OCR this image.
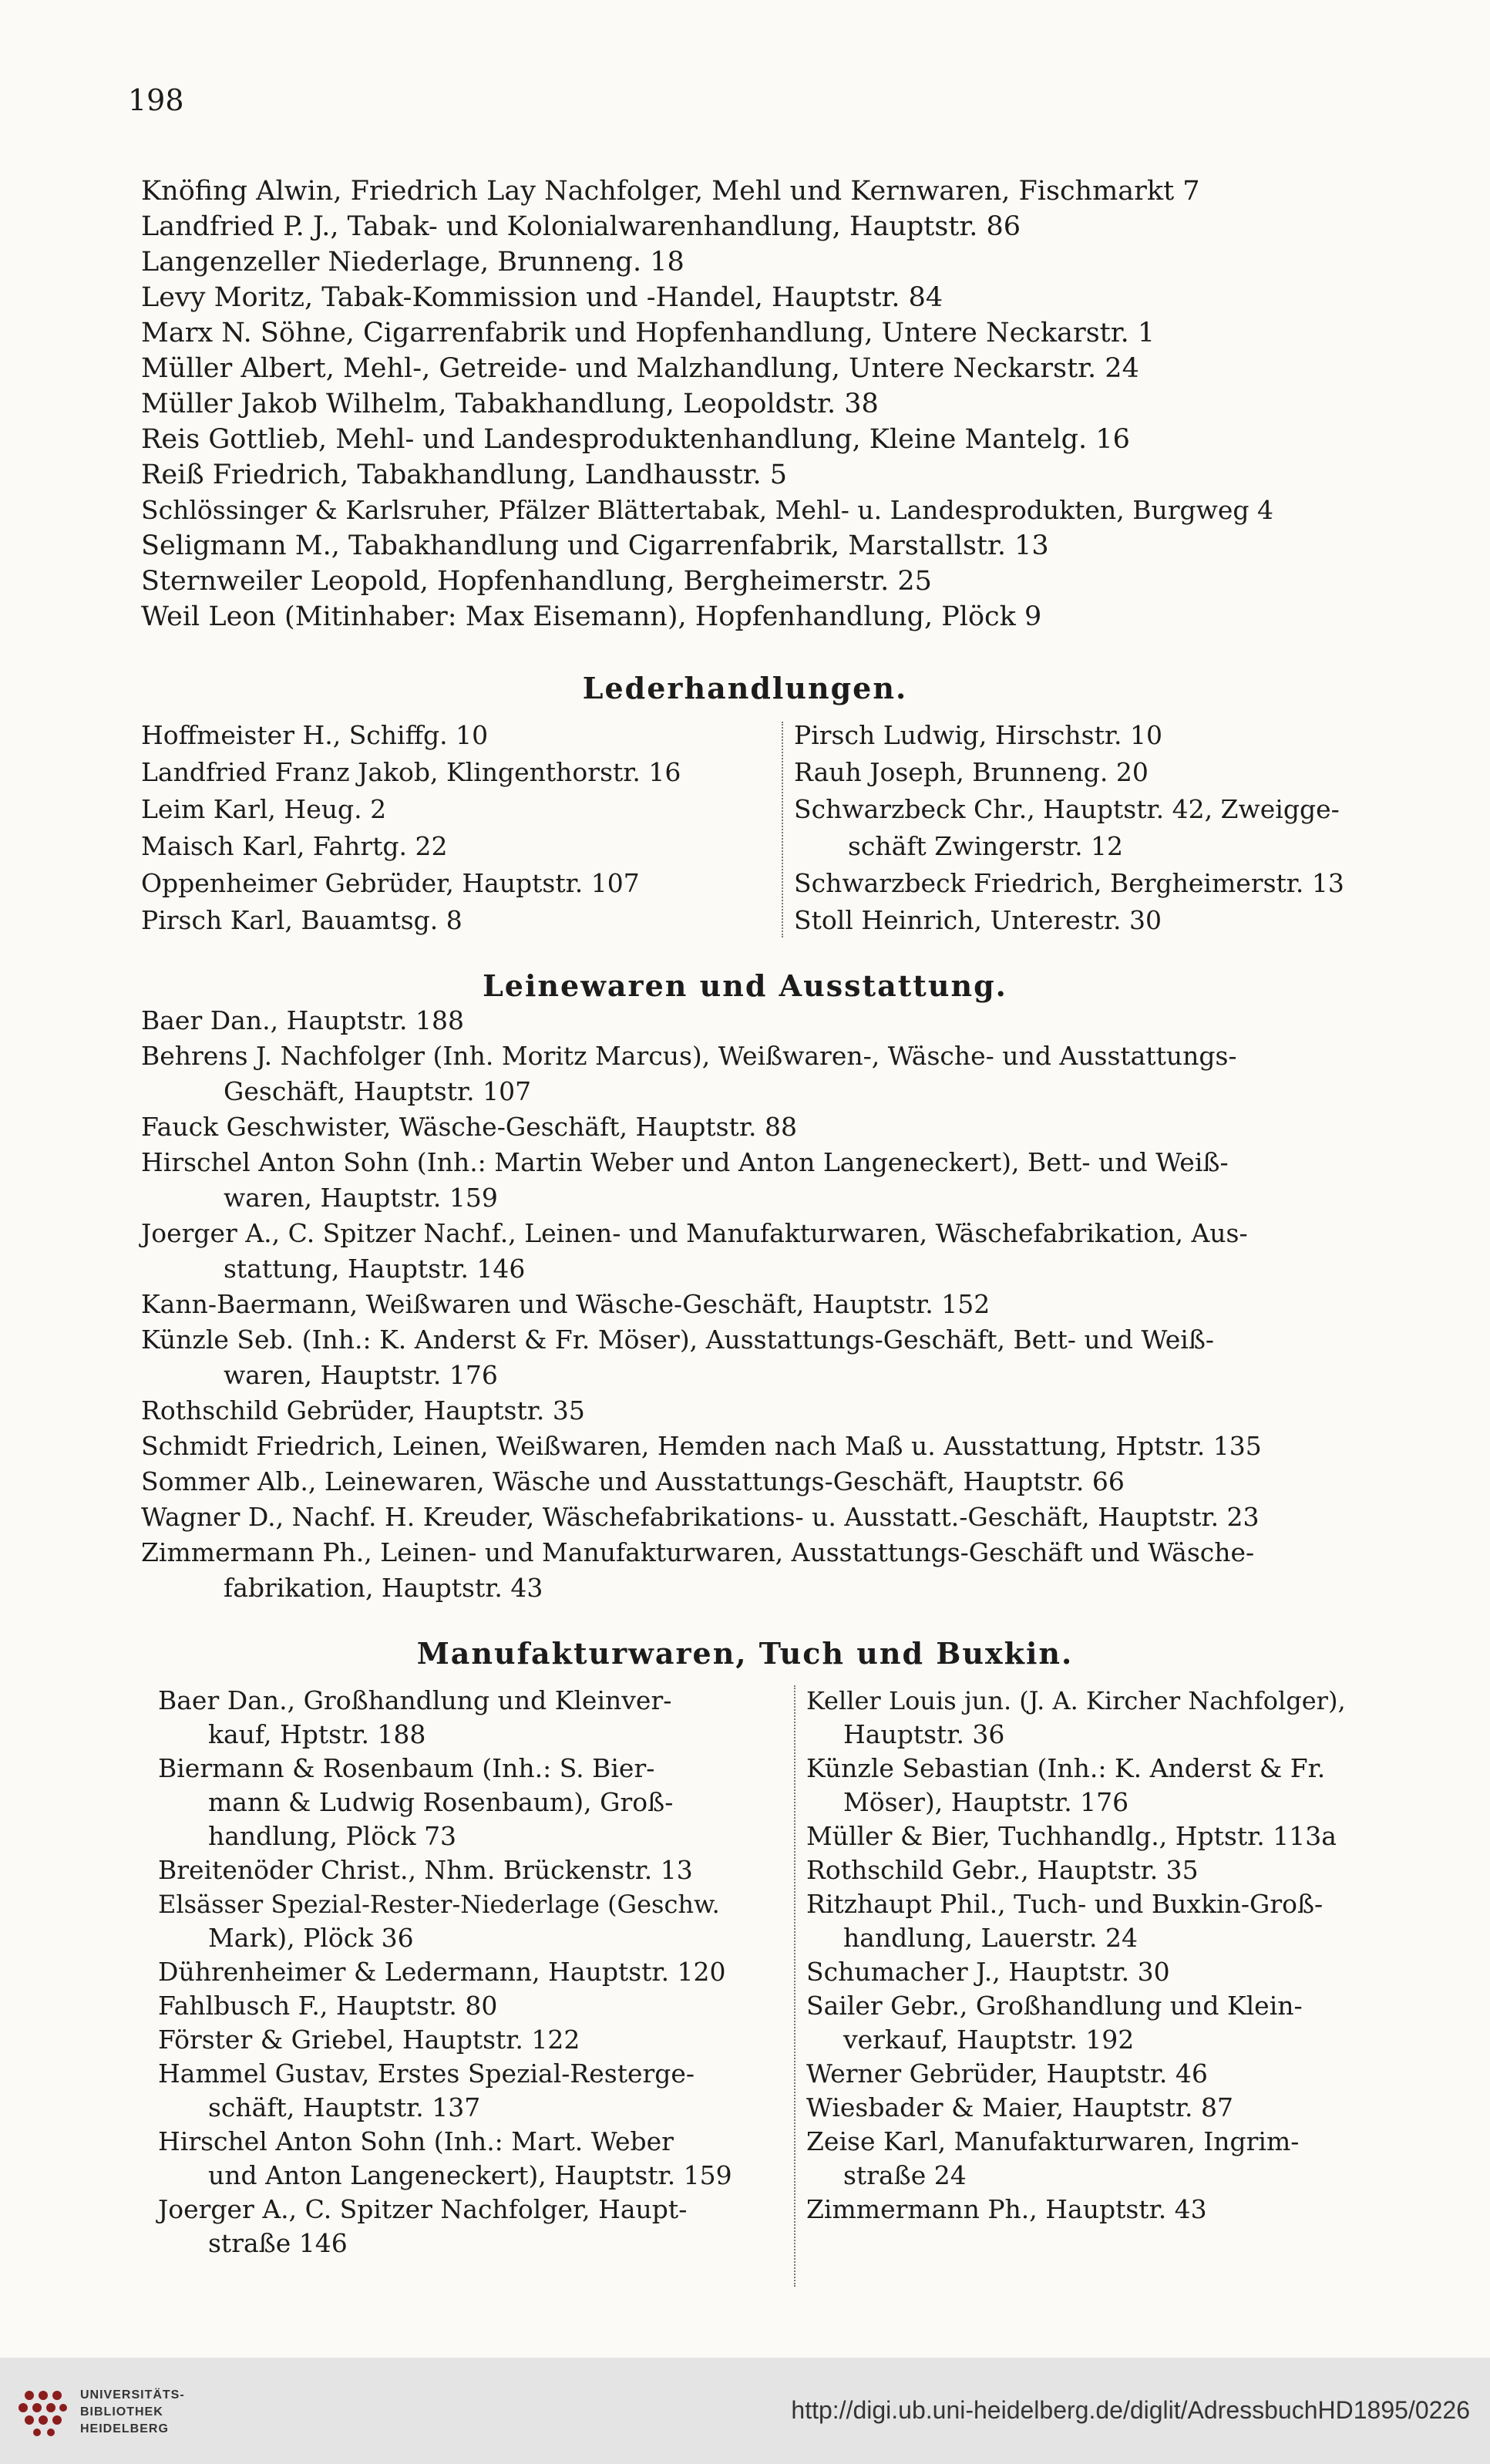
198
Knöfing Alwin, Friedrich Lay Nachfolger, Mehl und Kernwaren, Fischmarkt 7
Landfried P. J., Tabak- und Kolonialwarenhandlung, Hauptstr. 86
Langenzeller Niederlage, Brunneng. 18
Levy Moritz, Tabak-Kommission und -Handel, Hauptstr. 84
Marx N. Söhne, Cigarrenfabrik und Hopfenhandlung, Untere Neckarstr. 1
Müller Albert, Mehl-, Getreide- und Malzhandlung, Untere Neckarstr. 24
Müller Jakob Wilhelm, Tabakhandlung, Leopoldstr. 38
Reis Gottlieb, Mehl- und Landesproduktenhandlung, Kleine Mantelg. 16
Reiß Friedrich, Tabakhandlung, Landhausstr. 5
Schlössinger & Karlsruher, Pfälzer Blättertabak, Mehl- u. Landesprodukten, Burgweg 4
Seligmann M., Tabakhandlung und Cigarrenfabrik, Marstallstr. 13
Sternweiler Leopold, Hopfenhandlung, Bergheimerstr. 25
Weil Leon (Mitinhaber: Max Eisemann), Hopfenhandlung, Plöck 9
Lederhandlungen.
Hoffmeister H., Schiffg. 10
Landfried Franz Jakob, Klingenthorstr. 16
Leim Karl, Heug. 2
Maisch Karl, Fahrtg. 22
Oppenheimer Gebrüder, Hauptstr. 107
Pirsch Karl, Bauamtsg. 8
Pirsch Ludwig, Hirschstr. 10
Rauh Joseph, Brunneng. 20
Schwarzbeck Chr., Hauptstr. 42, Zweigge-
schäft Zwingerstr. 12
Schwarzbeck Friedrich, Bergheimerstr. 13
Stoll Heinrich, Unterestr. 30
Leinewaren und Ausstattung.
Baer Dan., Hauptstr. 188
Behrens J. Nachfolger (Inh. Moritz Marcus), Weißwaren-, Wäsche- und Ausstattungs-
Geschäft, Hauptstr. 107
Fauck Geschwister, Wäsche-Geschäft, Hauptstr. 88
Hirschel Anton Sohn (Inh.: Martin Weber und Anton Langeneckert), Bett- und Weiß-
waren, Hauptstr. 159
Joerger A., C. Spitzer Nachf., Leinen- und Manufakturwaren, Wäschefabrikation, Aus-
stattung, Hauptstr. 146
Kann-Baermann, Weißwaren und Wäsche-Geschäft, Hauptstr. 152
Künzle Seb. (Inh.: K. Anderst & Fr. Möser), Ausstattungs-Geschäft, Bett- und Weiß-
waren, Hauptstr. 176
Rothschild Gebrüder, Hauptstr. 35
Schmidt Friedrich, Leinen, Weißwaren, Hemden nach Maß u. Ausstattung, Hptstr. 135
Sommer Alb., Leinewaren, Wäsche und Ausstattungs-Geschäft, Hauptstr. 66
Wagner D., Nachf. H. Kreuder, Wäschefabrikations- u. Ausstatt.-Geschäft, Hauptstr. 23
Zimmermann Ph., Leinen- und Manufakturwaren, Ausstattungs-Geschäft und Wäsche-
fabrikation, Hauptstr. 43
Manufakturwaren, Tuch und Buxkin.
Baer Dan., Großhandlung und Kleinver-
kauf, Hptstr. 188
Biermann & Rosenbaum (Inh.: S. Bier-
mann & Ludwig Rosenbaum), Groß-
handlung, Plöck 73
Breitenöder Christ., Nhm. Brückenstr. 13
Elsässer Spezial-Rester-Niederlage (Geschw.
Mark), Plöck 36
Dührenheimer & Ledermann, Hauptstr. 120
Fahlbusch F., Hauptstr. 80
Förster & Griebel, Hauptstr. 122
Hammel Gustav, Erstes Spezial-Resterge-
schäft, Hauptstr. 137
Hirschel Anton Sohn (Inh.: Mart. Weber
und Anton Langeneckert), Hauptstr. 159
Joerger A., C. Spitzer Nachfolger, Haupt-
straße 146
Keller Louis jun. (J. A. Kircher Nachfolger),
Hauptstr. 36
Künzle Sebastian (Inh.: K. Anderst & Fr.
Möser), Hauptstr. 176
Müller & Bier, Tuchhandlg., Hptstr. 113a
Rothschild Gebr., Hauptstr. 35
Ritzhaupt Phil., Tuch- und Buxkin-Groß-
handlung, Lauerstr. 24
Schumacher J., Hauptstr. 30
Sailer Gebr., Großhandlung und Klein-
verkauf, Hauptstr. 192
Werner Gebrüder, Hauptstr. 46
Wiesbader & Maier, Hauptstr. 87
Zeise Karl, Manufakturwaren, Ingrim-
straße 24
Zimmermann Ph., Hauptstr. 43
UNIVERSITÄTS-
BIBLIOTHEK
HEIDELBERG
http://digi.ub.uni-heidelberg.de/diglit/AdressbuchHD1895/0226
